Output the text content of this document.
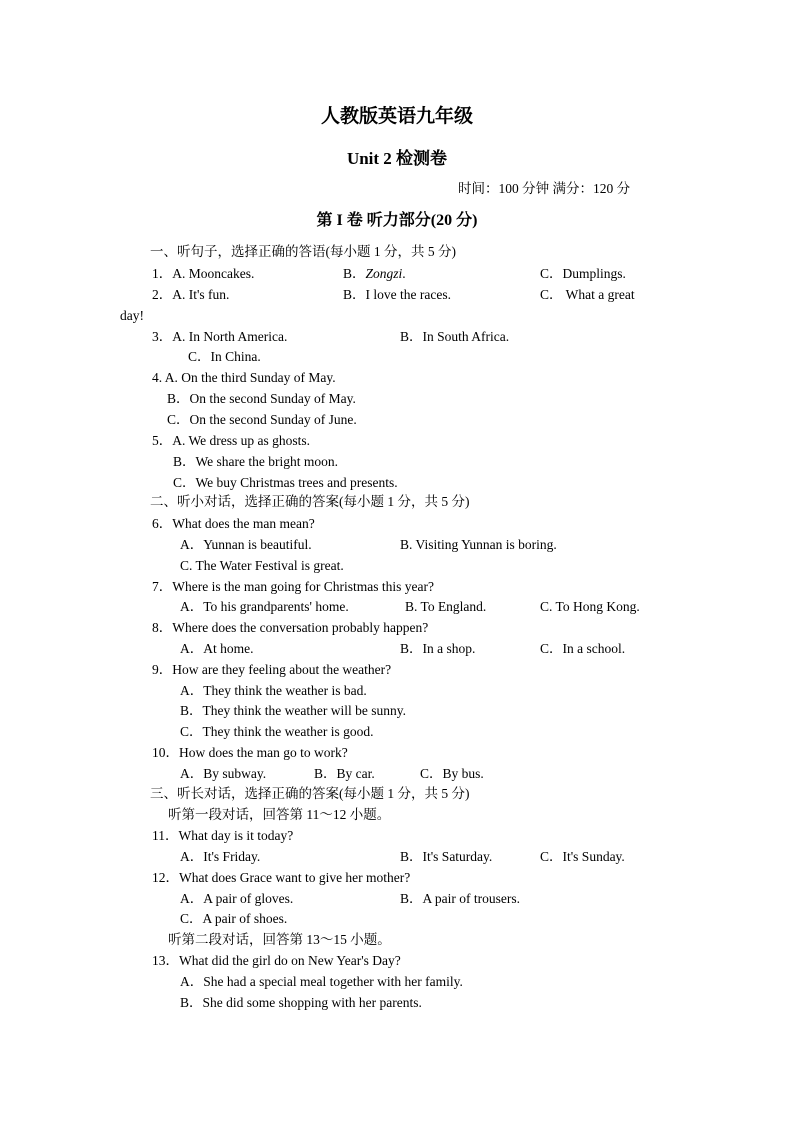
人教版英语九年级
Unit 2 检测卷
时间：100 分钟 满分：120 分
第 I 卷 听力部分(20 分)
一、听句子，选择正确的答语(每小题 1 分，共 5 分)
1．A. Mooncakes.	B．Zongzi.	C．Dumplings.
2．A. It's fun.	B．I love the races.	C． What a great
day!
3．A. In North America.	B．In South Africa.
C．In China.
4. A. On the third Sunday of May.
B．On the second Sunday of May.
C．On the second Sunday of June.
5．A. We dress up as ghosts.
B．We share the bright moon.
C．We buy Christmas trees and presents.
二、听小对话，选择正确的答案(每小题 1 分，共 5 分)
6．What does the man mean?
A．Yunnan is beautiful.	B. Visiting Yunnan is boring.
C. The Water Festival is great.
7．Where is the man going for Christmas this year?
A．To his grandparents' home.	B. To England.	C. To Hong Kong.
8．Where does the conversation probably happen?
A．At home.	B．In a shop.	C．In a school.
9．How are they feeling about the weather?
A．They think the weather is bad.
B．They think the weather will be sunny.
C．They think the weather is good.
10．How does the man go to work?
A．By subway.	B．By car.	C．By bus.
三、听长对话，选择正确的答案(每小题 1 分，共 5 分)
听第一段对话，回答第 11～12 小题。
11．What day is it today?
A．It's Friday.	B．It's Saturday.	C．It's Sunday.
12．What does Grace want to give her mother?
A．A pair of gloves.	B．A pair of trousers.
C．A pair of shoes.
听第二段对话，回答第 13～15 小题。
13．What did the girl do on New Year's Day?
A．She had a special meal together with her family.
B．She did some shopping with her parents.
